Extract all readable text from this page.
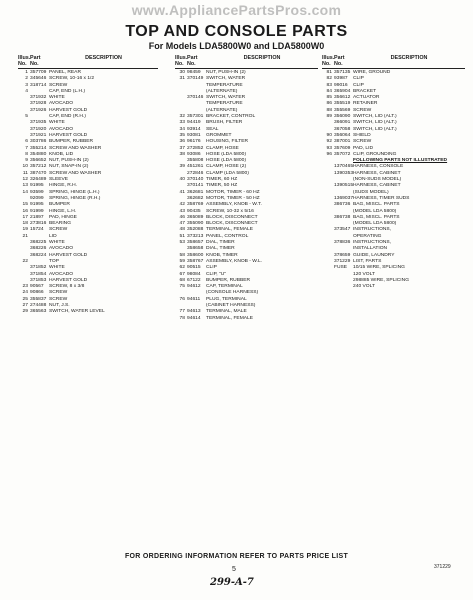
www.AppliancePartsPros.com
TOP AND CONSOLE PARTS
For Models LDA5800W0 and LDA5800W0
Illus. No.
Part No.
DESCRIPTION
1 357709 PANEL, REAR
2 345646 SCREW, 10-16 x 1/2
3 318714 SCREW
4	CAP, END (L.H.)
371932 WHITE
371928 AVOCADO
371926 HARVEST GOLD
5	CAP, END (R.H.)
371935 WHITE
371920 AVOCADO
371921 HARVEST GOLD
6 303786 BUMPER, RUBBER
7 355214 SCREW AND WASHER
8 354880 KNOB, LID
9 356652 NUT, PUSH-IN (2)
10 357212 NUT, SNAP-IN (2)
11 387470 SCREW AND WASHER
12 326489 SLEEVE
13 91995	HINGE, R.H.
14 93599	SPRING, HINGE (L.H.)
92099	SPRING, HINGE (R.H.)
15 91995	BUMPER
16 91999	HINGE, L.H.
17 21897	PAD, HINGE
18 273816 BEARING
19 15724	SCREW
21	LID
368225 WHITE
368226 AVOCADO
368224 HARVEST GOLD
22	TOP
371852 WHITE
371854 AVOCADO
371853 HARVEST GOLD
23 90567	SCREW, 8 x 3/8
24 90866	SCREW
25 355837 SCREW
27 274488 NUT, J.S.
29 365563 SWITCH, WATER LEVEL
Illus. No.
Part No.
DESCRIPTION
30 98459	NUT, PUSH-IN (2)
31 370149 SWITCH, WATER
TEMPERATURE
(ALTERNATE)
370146 SWITCH, WATER
TEMPERATURE
(ALTERNATE)
32 357301 BRACKET, CONTROL
33 94419	BRUSH, FILTER
34 93914	SEAL
35 93081	GROMMET
36 96176	HOUSING, FILTER
37 272852 CLAMP, HOSE
38 93086	HOSE (LDA 5800)
355808 HOSE (LDA 5800)
39 451261 CLAMP, HOSE (2)
272846 CLAMP (LDA 5800)
40 370140 TIMER, 60 HZ
370141 TIMER, 50 HZ
41 362681 MOTOR, TIMER - 60 HZ
362682 MOTOR, TIMER - 50 HZ
42 358769 ASSEMBLY, KNOB - W.T.
43 90435	SCREW, 10-32 x 5/16
46 365089 BLOCK, DISCONNECT
47 355090 BLOCK, DISCONNECT
48 352088 TERMINAL, FEMALE
51 373213 PANEL, CONTROL
53 358657 DIAL, TIMER
358658 DIAL, TIMER
58 358600 KNOB, TIMER
59 358767 ASSEMBLY, KNOB - W.L.
62 90515	CLIP
67 98084	CLIP, "U"
68 67122	BUMPER, RUBBER
75 94612	CAP, TERMINAL
(CONSOLE HARNESS)
76 94611	PLUG, TERMINAL
(CABINET HARNESS)
77 94613	TERMINAL, MALE
78 94614	TERMINAL, FEMALE
Illus. No.
Part No.
DESCRIPTION
81 357135 WIRE, GROUND
82 93987	CLIP
83 99016	CLIP
84 365904 BRACKET
85 356612 ACTUATOR
86 355519 RETAINER
88 355569 SCREW
89 356090 SWITCH, LID (ALT.)
366091 SWITCH, LID (ALT.)
367058 SWITCH, LID (ALT.)
90 356064 SHIELD
92 387001 SCREW
93 357609 PAD, LID
96 357072 CLIP, GROUNDING
FOLLOWING PARTS NOT ILLUSTRATED
1370465 HARNESS, CONSOLE
1390353 HARNESS, CABINET
(NON-SUDS MODEL)
1390515 HARNESS, CABINET
(SUDS MODEL)
1369037 HARNESS, TIMER SUDS
386736 BAG, MISCL. PARTS
(MODEL LDA 5800)
386738 BAG, MISCL. PARTS
(MODEL LDA 5800)
373547 INSTRUCTIONS,
OPERATING
378836 INSTRUCTIONS,
INSTALLATION
378659 GUIDE, LAUNDRY
371229 LIST, PARTS
FUSE	10/15 WIRE, SPLICING
120 VOLT
298885 WIRE, SPLICING
240 VOLT
FOR ORDERING INFORMATION REFER TO PARTS PRICE LIST
5	371229
299-A-7
